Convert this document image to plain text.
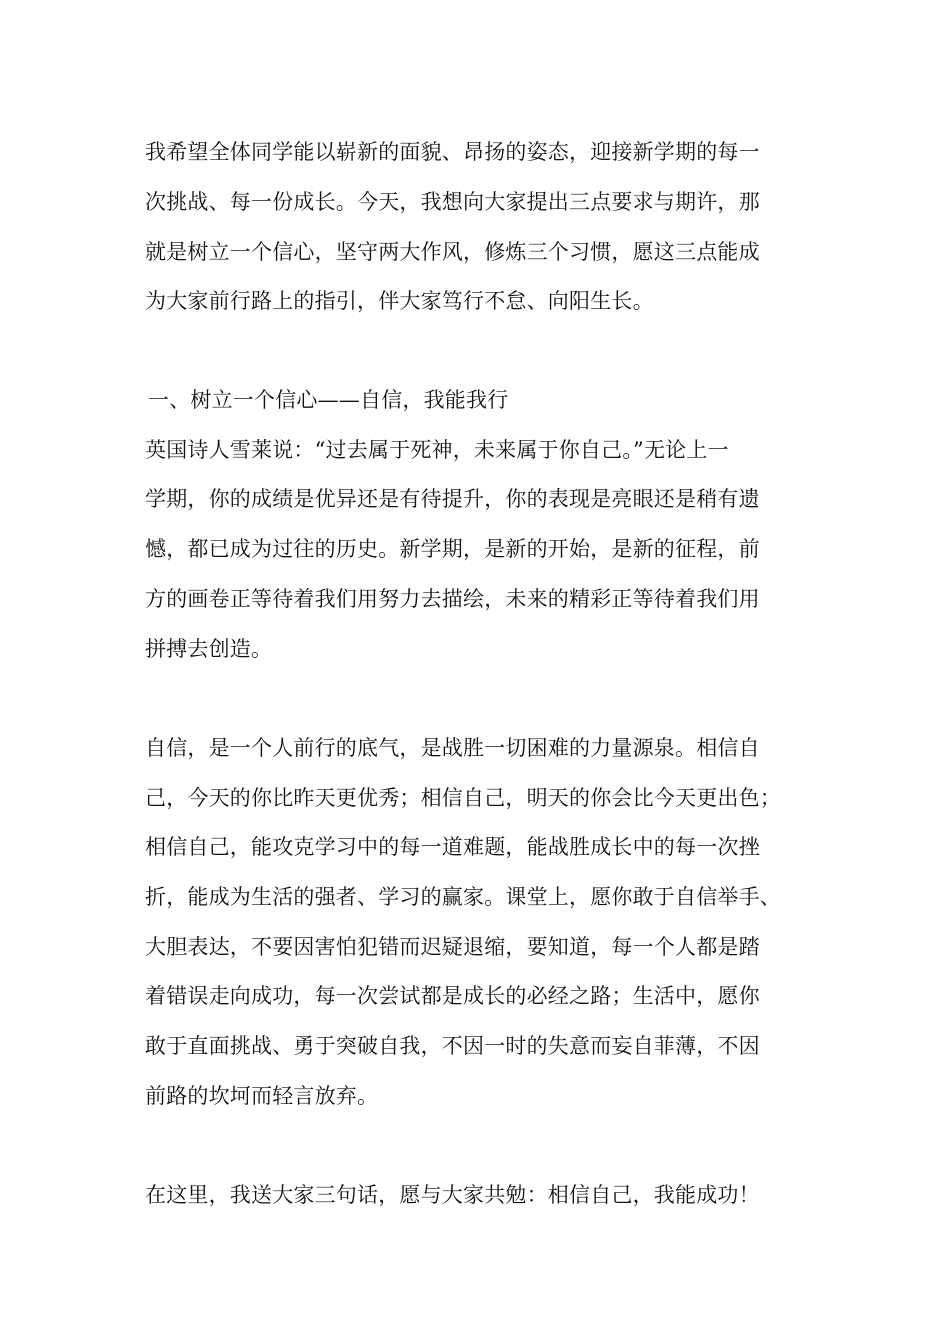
我希望全体同学能以崭新的面貌、昂扬的姿态，迎接新学期的每一
次挑战、每一份成长。今天，我想向大家提出三点要求与期许，那
就是树立一个信心，坚守两大作风，修炼三个习惯，愿这三点能成
为大家前行路上的指引，伴大家笃行不怠、向阳生长。
一、树立一个信心——自信，我能我行
英国诗人雪莱说：“过去属于死神，未来属于你自己。”无论上一
学期，你的成绩是优异还是有待提升，你的表现是亮眼还是稍有遗
憾，都已成为过往的历史。新学期，是新的开始，是新的征程，前
方的画卷正等待着我们用努力去描绘，未来的精彩正等待着我们用
拼搏去创造。
自信，是一个人前行的底气，是战胜一切困难的力量源泉。相信自
己，今天的你比昨天更优秀；相信自己，明天的你会比今天更出色；
相信自己，能攻克学习中的每一道难题，能战胜成长中的每一次挫
折，能成为生活的强者、学习的赢家。课堂上，愿你敢于自信举手、
大胆表达，不要因害怕犯错而迟疑退缩，要知道，每一个人都是踏
着错误走向成功，每一次尝试都是成长的必经之路；生活中，愿你
敢于直面挑战、勇于突破自我，不因一时的失意而妄自菲薄，不因
前路的坎坷而轻言放弃。
在这里，我送大家三句话，愿与大家共勉：相信自己，我能成功！
